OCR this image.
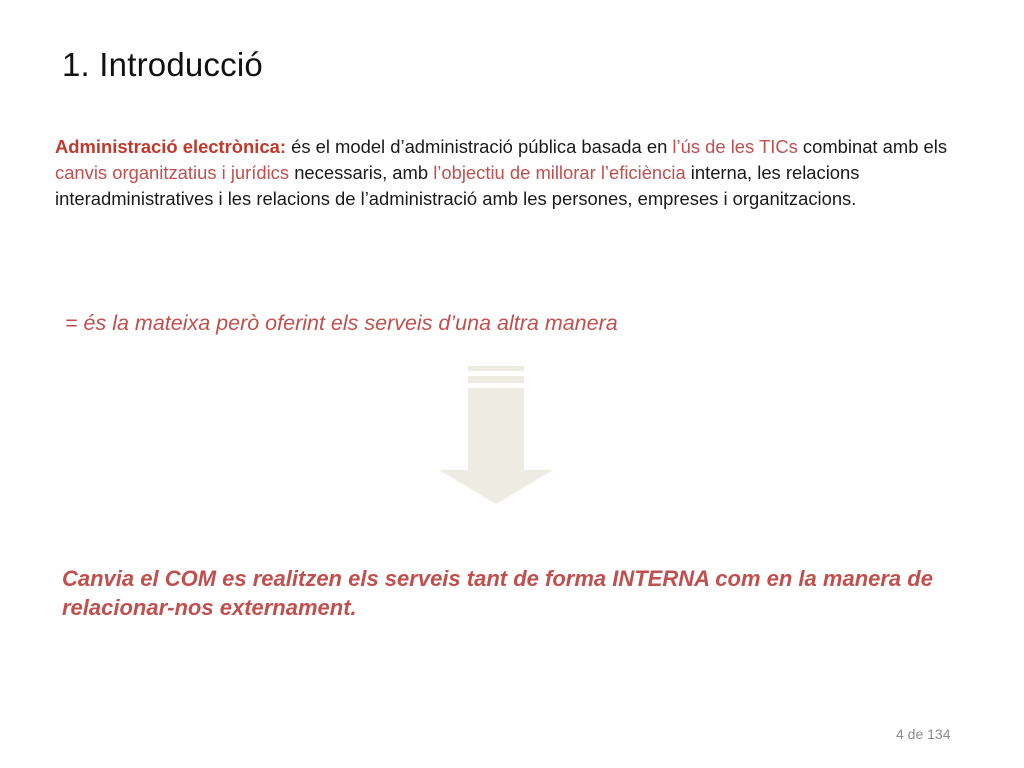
1. Introducció

Administració electrònica: és el model d’administració pública basada en l’ús de les TICs combinat amb els canvis organitzatius i jurídics necessaris, amb l’objectiu de millorar l’eficiència interna, les relacions interadministratives i les relacions de l’administració amb les persones, empreses i organitzacions.

= és la mateixa però oferint els serveis d’una altra manera

Canvia el COM es realitzen els serveis tant de forma INTERNA com en la manera de relacionar-nos externament.

4 de 134
